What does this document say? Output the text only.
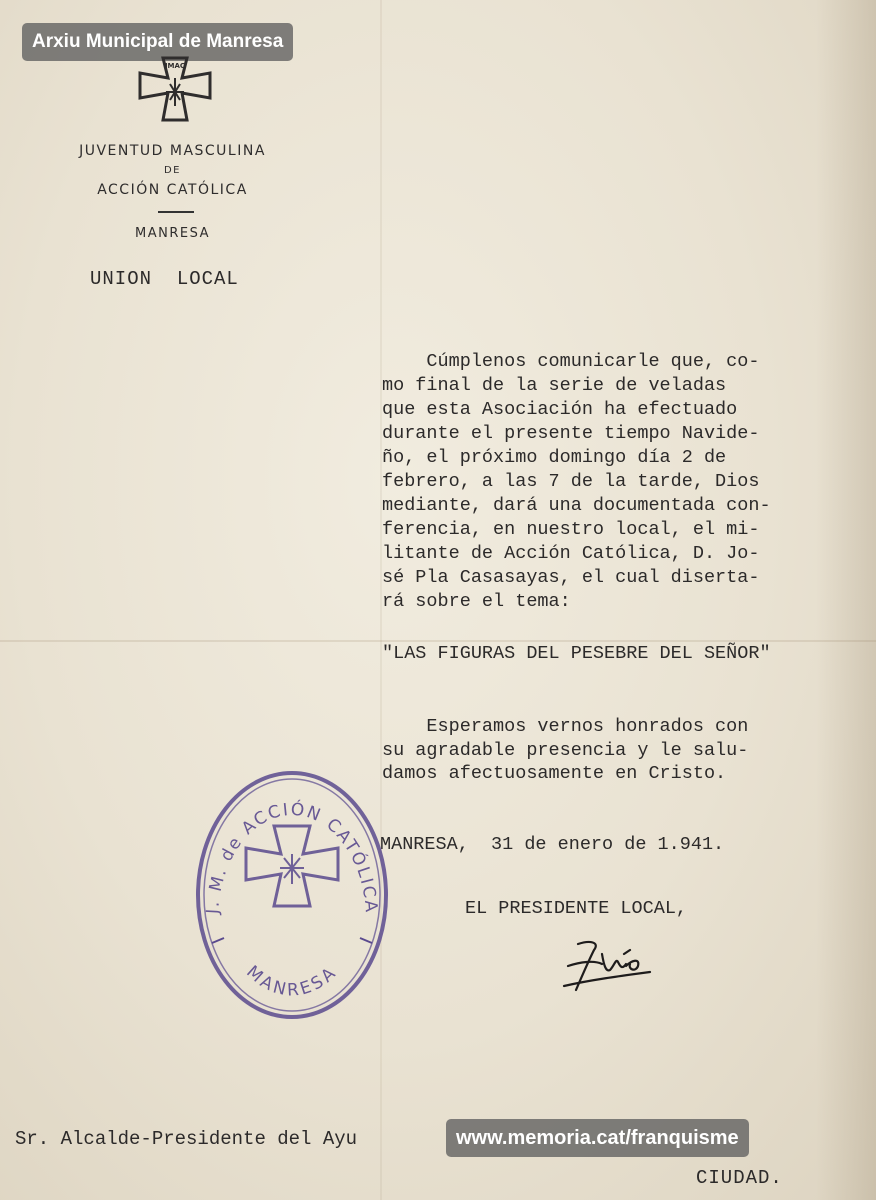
Arxiu Municipal de Manresa
JMAC
JUVENTUD MASCULINA
DE
ACCIÓN CATÓLICA
MANRESA
UNION  LOCAL
Cúmplenos comunicarle que, co-
mo final de la serie de veladas
que esta Asociación ha efectuado
durante el presente tiempo Navide-
ño, el próximo domingo día 2 de
febrero, a las 7 de la tarde, Dios
mediante, dará una documentada con-
ferencia, en nuestro local, el mi-
litante de Acción Católica, D. Jo-
sé Pla Casasayas, el cual diserta-
rá sobre el tema:
"LAS FIGURAS DEL PESEBRE DEL SEÑOR"
Esperamos vernos honrados con
su agradable presencia y le salu-
damos afectuosamente en Cristo.
MANRESA,  31 de enero de 1.941.
EL PRESIDENTE LOCAL,
J. M. de ACCIÓN CATÓLICA
MANRESA
Sr. Alcalde-Presidente del Ayu
CIUDAD.
www.memoria.cat/franquisme
